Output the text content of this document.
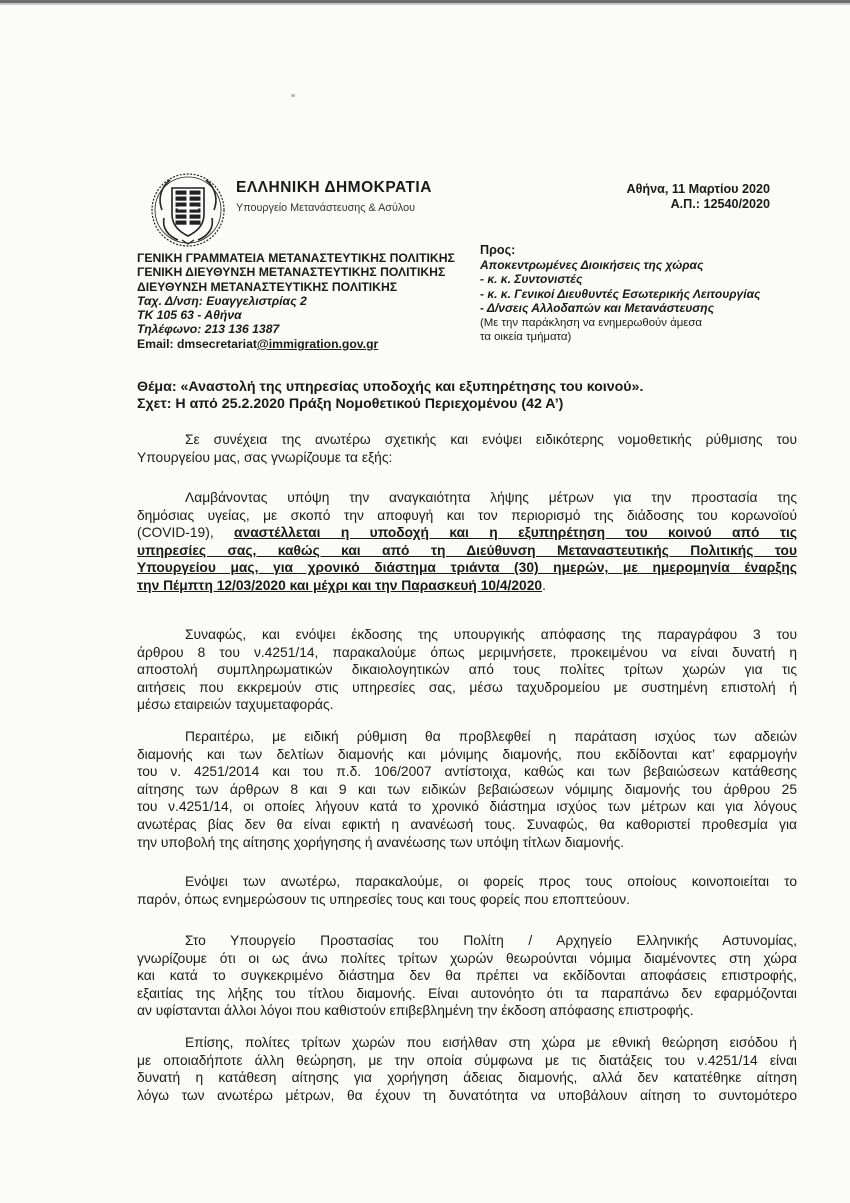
ΕΛΛΗΝΙΚΗ ΔΗΜΟΚΡΑΤΙΑ
Υπουργείο Μετανάστευσης & Ασύλου
Αθήνα, 11 Μαρτίου 2020
Α.Π.: 12540/2020
ΓΕΝΙΚΗ ΓΡΑΜΜΑΤΕΙΑ ΜΕΤΑΝΑΣΤΕΥΤΙΚΗΣ ΠΟΛΙΤΙΚΗΣ
ΓΕΝΙΚΗ ΔΙΕΥΘΥΝΣΗ ΜΕΤΑΝΑΣΤΕΥΤΙΚΗΣ ΠΟΛΙΤΙΚΗΣ
ΔΙΕΥΘΥΝΣΗ ΜΕΤΑΝΑΣΤΕΥΤΙΚΗΣ ΠΟΛΙΤΙΚΗΣ
Ταχ. Δ/νση: Ευαγγελιστρίας 2
ΤΚ 105 63 - Αθήνα
Τηλέφωνο: 213 136 1387
Email: dmsecretariat@immigration.gov.gr
Προς:
Αποκεντρωμένες Διοικήσεις της χώρας
- κ. κ. Συντονιστές
- κ. κ. Γενικοί Διευθυντές Εσωτερικής Λειτουργίας
- Δ/νσεις Αλλοδαπών και Μετανάστευσης
(Με την παράκληση να ενημερωθούν άμεσα
τα οικεία τμήματα)
Θέμα: «Αναστολή της υπηρεσίας υποδοχής και εξυπηρέτησης του κοινού».
Σχετ: Η από 25.2.2020 Πράξη Νομοθετικού Περιεχομένου (42 Α’)
Σε συνέχεια της ανωτέρω σχετικής και ενόψει ειδικότερης νομοθετικής ρύθμισης του
Υπουργείου μας, σας γνωρίζουμε τα εξής:
Λαμβάνοντας υπόψη την αναγκαιότητα λήψης μέτρων για την προστασία της
δημόσιας υγείας, με σκοπό την αποφυγή και τον περιορισμό της διάδοσης του κορωνοϊού
(COVID-19), αναστέλλεται η υποδοχή και η εξυπηρέτηση του κοινού από τις
υπηρεσίες σας, καθώς και από τη Διεύθυνση Μεταναστευτικής Πολιτικής του
Υπουργείου μας, για χρονικό διάστημα τριάντα (30) ημερών, με ημερομηνία έναρξης
την Πέμπτη 12/03/2020 και μέχρι και την Παρασκευή 10/4/2020.
Συναφώς, και ενόψει έκδοσης της υπουργικής απόφασης της παραγράφου 3 του
άρθρου 8 του ν.4251/14, παρακαλούμε όπως μεριμνήσετε, προκειμένου να είναι δυνατή η
αποστολή συμπληρωματικών δικαιολογητικών από τους πολίτες τρίτων χωρών για τις
αιτήσεις που εκκρεμούν στις υπηρεσίες σας, μέσω ταχυδρομείου με συστημένη επιστολή ή
μέσω εταιρειών ταχυμεταφοράς.
Περαιτέρω, με ειδική ρύθμιση θα προβλεφθεί η παράταση ισχύος των αδειών
διαμονής και των δελτίων διαμονής και μόνιμης διαμονής, που εκδίδονται κατ’ εφαρμογήν
του ν. 4251/2014 και του π.δ. 106/2007 αντίστοιχα, καθώς και των βεβαιώσεων κατάθεσης
αίτησης των άρθρων 8 και 9 και των ειδικών βεβαιώσεων νόμιμης διαμονής του άρθρου 25
του ν.4251/14, οι οποίες λήγουν κατά το χρονικό διάστημα ισχύος των μέτρων και για λόγους
ανωτέρας βίας δεν θα είναι εφικτή η ανανέωσή τους. Συναφώς, θα καθοριστεί προθεσμία για
την υποβολή της αίτησης χορήγησης ή ανανέωσης των υπόψη τίτλων διαμονής.
Ενόψει των ανωτέρω, παρακαλούμε, οι φορείς προς τους οποίους κοινοποιείται το
παρόν, όπως ενημερώσουν τις υπηρεσίες τους και τους φορείς που εποπτεύουν.
Στο Υπουργείο Προστασίας του Πολίτη / Αρχηγείο Ελληνικής Αστυνομίας,
γνωρίζουμε ότι οι ως άνω πολίτες τρίτων χωρών θεωρούνται νόμιμα διαμένοντες στη χώρα
και κατά το συγκεκριμένο διάστημα δεν θα πρέπει να εκδίδονται αποφάσεις επιστροφής,
εξαιτίας της λήξης του τίτλου διαμονής. Είναι αυτονόητο ότι τα παραπάνω δεν εφαρμόζονται
αν υφίστανται άλλοι λόγοι που καθιστούν επιβεβλημένη την έκδοση απόφασης επιστροφής.
Επίσης, πολίτες τρίτων χωρών που εισήλθαν στη χώρα με εθνική θεώρηση εισόδου ή
με οποιαδήποτε άλλη θεώρηση, με την οποία σύμφωνα με τις διατάξεις του ν.4251/14 είναι
δυνατή η κατάθεση αίτησης για χορήγηση άδειας διαμονής, αλλά δεν κατατέθηκε αίτηση
λόγω των ανωτέρω μέτρων, θα έχουν τη δυνατότητα να υποβάλουν αίτηση το συντομότερο
